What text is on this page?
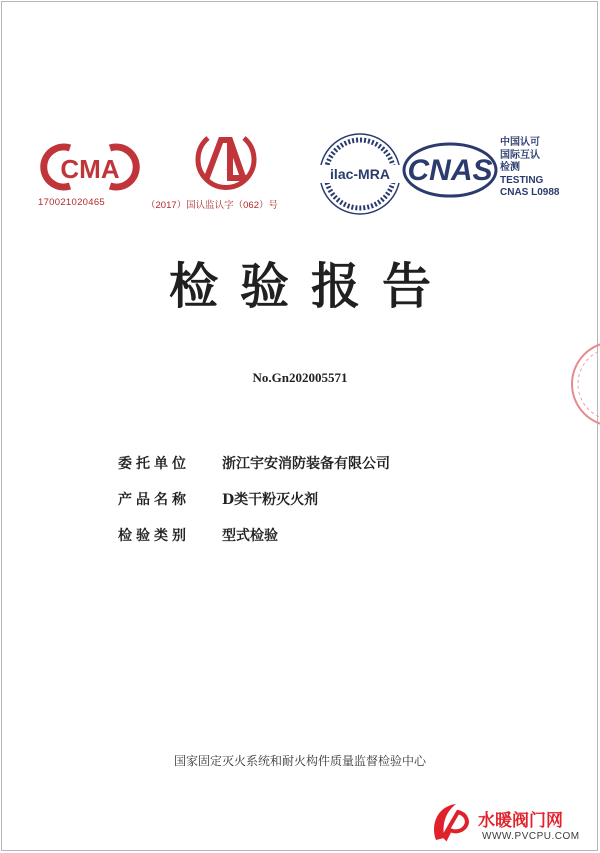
CMA
170021020465
CAL
（2017）国认监认字（062）号
ilac-MRA CNAS
中国认可
国际互认
检测
TESTING
CNAS L0988
检验报告
No.Gn202005571
委托单位 浙江宇安消防装备有限公司
产品名称 D类干粉灭火剂
检验类别 型式检验
国家固定灭火系统和耐火构件质量监督检验中心
水暖阀门网
WWW.PVCPU.COM
